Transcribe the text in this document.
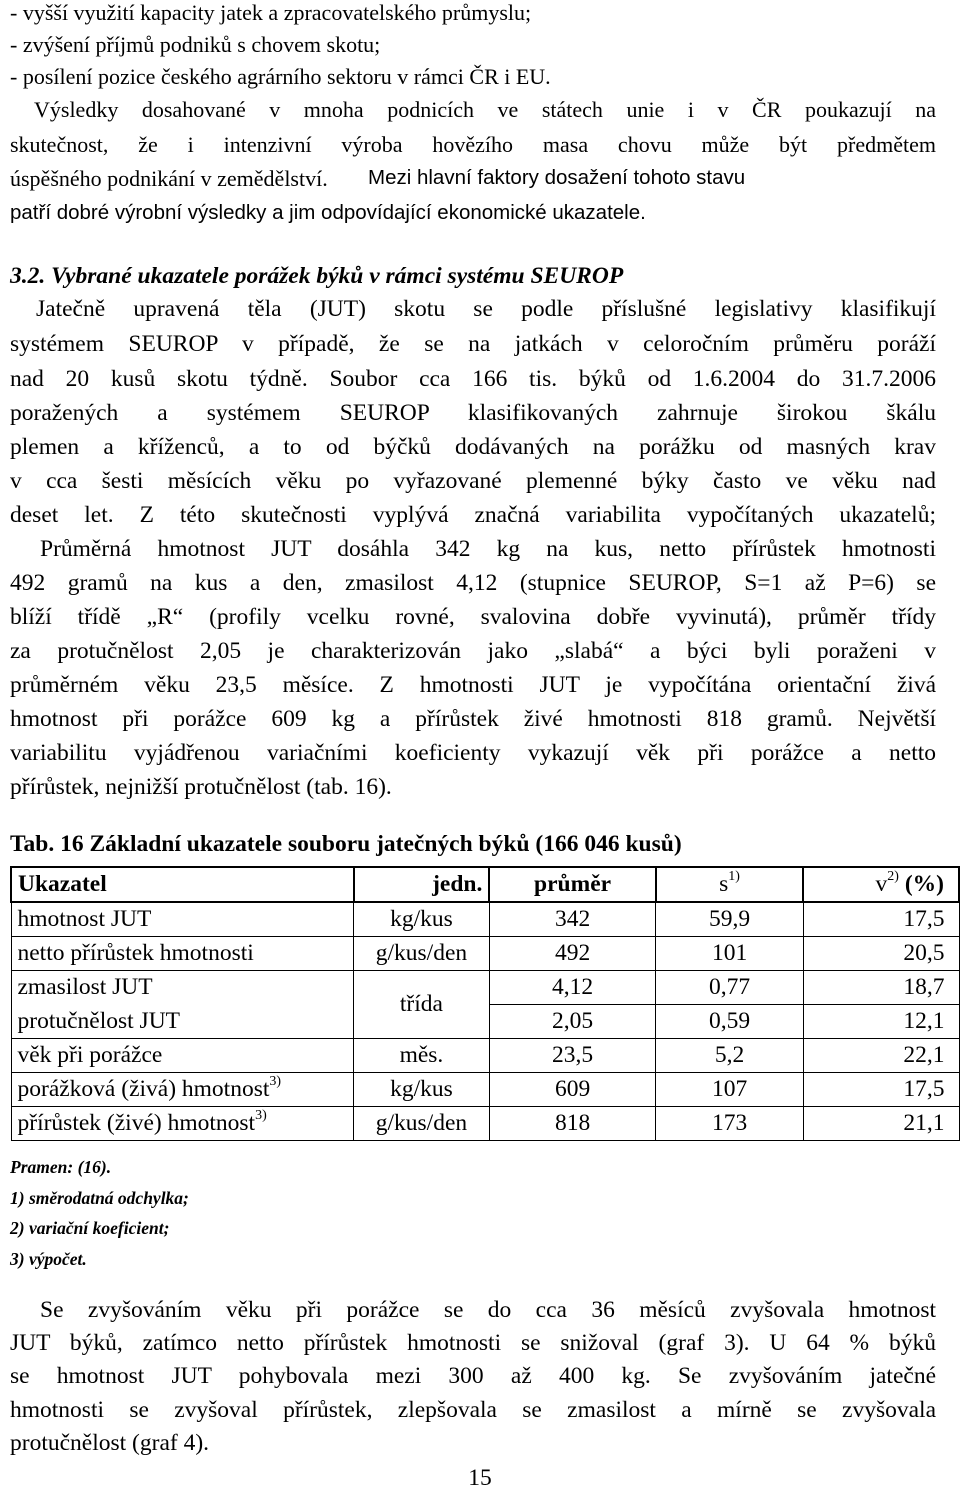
- vyšší využití kapacity jatek a zpracovatelského průmyslu;
- zvýšení příjmů podniků s chovem skotu;
- posílení pozice českého agrárního sektoru v rámci ČR i EU.
Výsledky dosahované v mnoha podnicích ve státech unie i v ČR poukazují na
skutečnost, že i intenzivní výroba hovězího masa chovu může být předmětem
úspěšného podnikání v zemědělství. Mezi hlavní faktory dosažení tohoto stavu
patří dobré výrobní výsledky a jim odpovídající ekonomické ukazatele.
3.2. Vybrané ukazatele porážek býků v rámci systému SEUROP
Jatečně upravená těla (JUT) skotu se podle příslušné legislativy klasifikují
systémem SEUROP v případě, že se na jatkách v celoročním průměru poráží
nad 20 kusů skotu týdně. Soubor cca 166 tis. býků od 1.6.2004 do 31.7.2006
poražených a systémem SEUROP klasifikovaných zahrnuje širokou škálu
plemen a kříženců, a to od býčků dodávaných na porážku od masných krav
v cca šesti měsících věku po vyřazované plemenné býky často ve věku nad
deset let. Z této skutečnosti vyplývá značná variabilita vypočítaných ukazatelů;
Průměrná hmotnost JUT dosáhla 342 kg na kus, netto přírůstek hmotnosti
492 gramů na kus a den, zmasilost 4,12 (stupnice SEUROP, S=1 až P=6) se
blíží třídě „R“ (profily vcelku rovné, svalovina dobře vyvinutá), průměr třídy
za protučnělost 2,05 je charakterizován jako „slabá“ a býci byli poraženi v
průměrném věku 23,5 měsíce. Z hmotnosti JUT je vypočítána orientační živá
hmotnost při porážce 609 kg a přírůstek živé hmotnosti 818 gramů. Největší
variabilitu vyjádřenou variačními koeficienty vykazují věk při porážce a netto
přírůstek, nejnižší protučnělost (tab. 16).
Tab. 16 Základní ukazatele souboru jatečných býků (166 046 kusů)
Ukazatel	jedn.	průměr	$s^{1)}$	$v^{2)}$ (%)
hmotnost JUT	kg/kus	342	59,9	17,5
netto přírůstek hmotnosti	g/kus/den	492	101	20,5
zmasilost JUT	třída	4,12	0,77	18,7
protučnělost JUT		2,05	0,59	12,1
věk při porážce	měs.	23,5	5,2	22,1
porážková (živá) hmotnost$^{3)}$	kg/kus	609	107	17,5
přírůstek (živé) hmotnost$^{3)}$	g/kus/den	818	173	21,1
Pramen: (16).
1) směrodatná odchylka;
2) variační koeficient;
3) výpočet.
Se zvyšováním věku při porážce se do cca 36 měsíců zvyšovala hmotnost
JUT býků, zatímco netto přírůstek hmotnosti se snižoval (graf 3). U 64 % býků
se hmotnost JUT pohybovala mezi 300 až 400 kg. Se zvyšováním jatečné
hmotnosti se zvyšoval přírůstek, zlepšovala se zmasilost a mírně se zvyšovala
protučnělost (graf 4).
15
